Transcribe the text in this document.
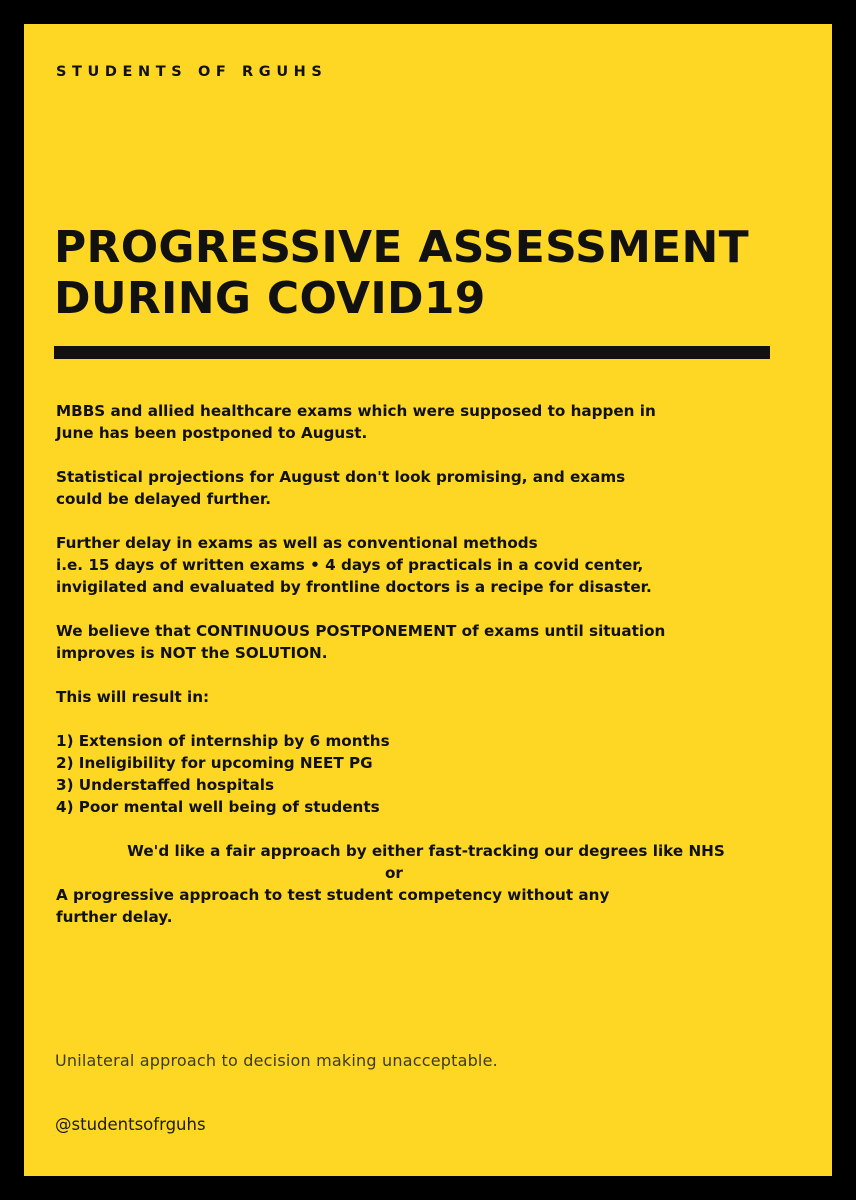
STUDENTS OF RGUHS
PROGRESSIVE ASSESSMENT
DURING COVID19
MBBS and allied healthcare exams which were supposed to happen in
June has been postponed to August.
Statistical projections for August don't look promising, and exams
could be delayed further.
Further delay in exams as well as conventional methods
i.e. 15 days of written exams • 4 days of practicals in a covid center,
invigilated and evaluated by frontline doctors is a recipe for disaster.
We believe that CONTINUOUS POSTPONEMENT of exams until situation
improves is NOT the SOLUTION.
This will result in:
1) Extension of internship by 6 months
2) Ineligibility for upcoming NEET PG
3) Understaffed hospitals
4) Poor mental well being of students
We'd like a fair approach by either fast-tracking our degrees like NHS
or
A progressive approach to test student competency without any
further delay.
Unilateral approach to decision making unacceptable.
@studentsofrguhs
